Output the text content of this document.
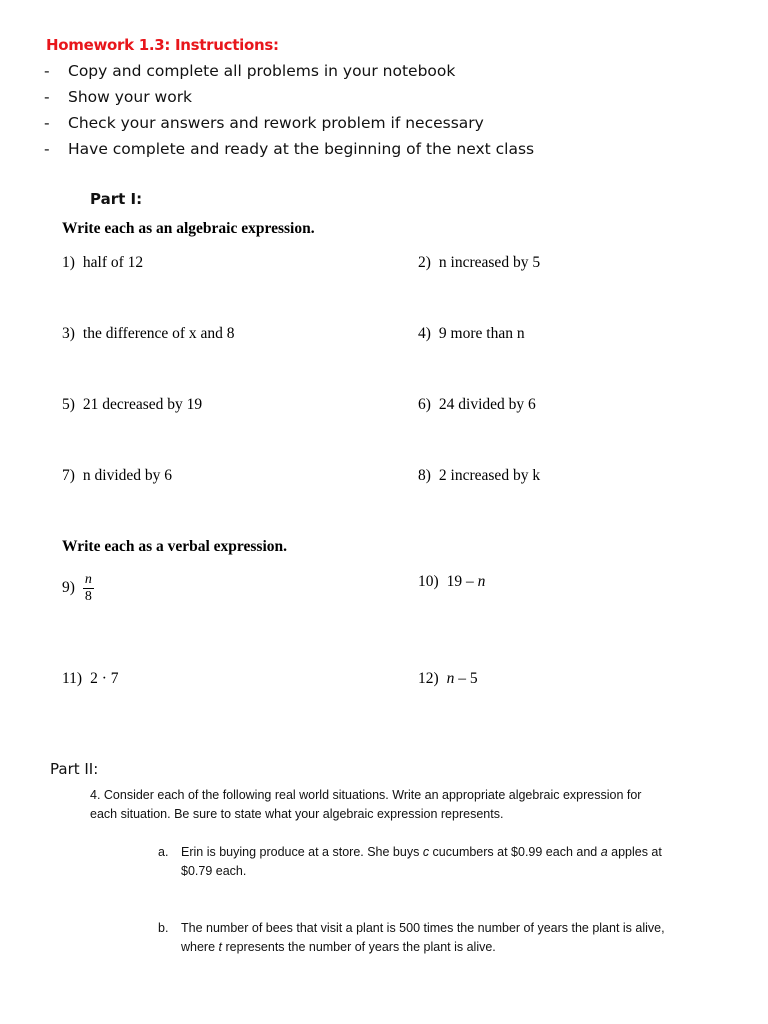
Homework 1.3: Instructions:
- Copy and complete all problems in your notebook
- Show your work
- Check your answers and rework problem if necessary
- Have complete and ready at the beginning of the next class
Part I:
Write each as an algebraic expression.
1) half of 12	2) n increased by 5
3) the difference of x and 8	4) 9 more than n
5) 21 decreased by 19	6) 24 divided by 6
7) n divided by 6	8) 2 increased by k
Write each as a verbal expression.
$9) \frac{n}{8}$	10) 19 – n
11) 2 · 7	12) n – 5
Part II:
4. Consider each of the following real world situations. Write an appropriate algebraic expression for each situation. Be sure to state what your algebraic expression represents.
a. Erin is buying produce at a store. She buys c cucumbers at $0.99 each and a apples at $0.79 each.
b. The number of bees that visit a plant is 500 times the number of years the plant is alive, where t represents the number of years the plant is alive.
